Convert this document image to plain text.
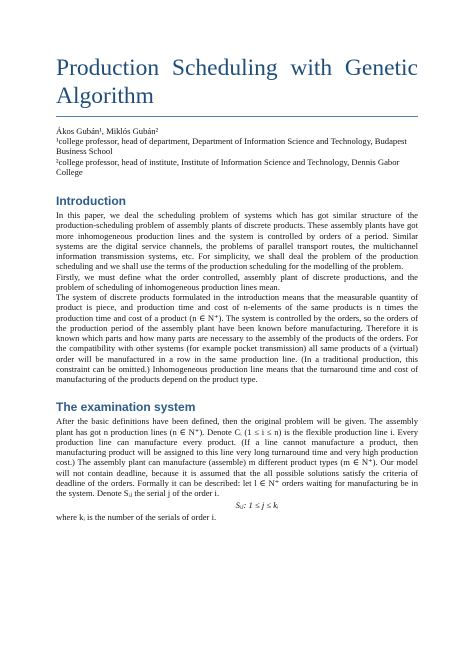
Production Scheduling with Genetic
Algorithm

Ákos Gubán¹, Miklós Gubán²

¹college professor, head of department, Department of Information Science and Technology, Budapest Business School

²college professor, head of institute, Institute of Information Science and Technology, Dennis Gabor College

Introduction

In this paper, we deal the scheduling problem of systems which has got similar structure of the production-scheduling problem of assembly plants of discrete products. These assembly plants have got more inhomogeneous production lines and the system is controlled by orders of a period. Similar systems are the digital service channels, the problems of parallel transport routes, the multichannel information transmission systems, etc. For simplicity, we shall deal the problem of the production scheduling and we shall use the terms of the production scheduling for the modelling of the problem.

Firstly, we must define what the order controlled, assembly plant of discrete productions, and the problem of scheduling of inhomogeneous production lines mean.

The system of discrete products formulated in the introduction means that the measurable quantity of product is piece, and production time and cost of n-elements of the same products is n times the production time and cost of a product (n ∈ N⁺). The system is controlled by the orders, so the orders of the production period of the assembly plant have been known before manufacturing. Therefore it is known which parts and how many parts are necessary to the assembly of the products of the orders. For the compatibility with other systems (for example pocket transmission) all same products of a (virtual) order will be manufactured in a row in the same production line. (In a traditional production, this constraint can be omitted.) Inhomogeneous production line means that the turnaround time and cost of manufacturing of the products depend on the product type.

The examination system

After the basic definitions have been defined, then the original problem will be given. The assembly plant has got n production lines (n ∈ N⁺). Denote Cᵢ (1 ≤ i ≤ n) is the flexible production line i. Every production line can manufacture every product. (If a line cannot manufacture a product, then manufacturing product will be assigned to this line very long turnaround time and very high production cost.) The assembly plant can manufacture (assemble) m different product types (m ∈ N⁺). Our model will not contain deadline, because it is assumed that the all possible solutions satisfy the criteria of deadline of the orders. Formally it can be described: let l ∈ N⁺ orders waiting for manufacturing be in the system. Denote Sᵢⱼ the serial j of the order i.

Sᵢⱼ: 1 ≤ j ≤ kᵢ

where kᵢ is the number of the serials of order i.
